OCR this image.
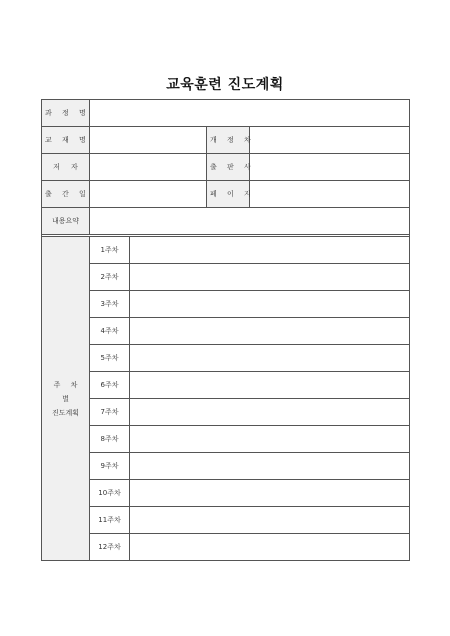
교육훈련 진도계획
과 정 명				
교 재 명			개 정 차	
저     자			출 판 사	
출 간 일			페 이 지	
내용요약				

주 차 별
진도계획	1주차			
	2주차			
	3주차			
	4주차			
	5주차			
	6주차			
	7주차			
	8주차			
	9주차			
	10주차			
	11주차			
	12주차			
